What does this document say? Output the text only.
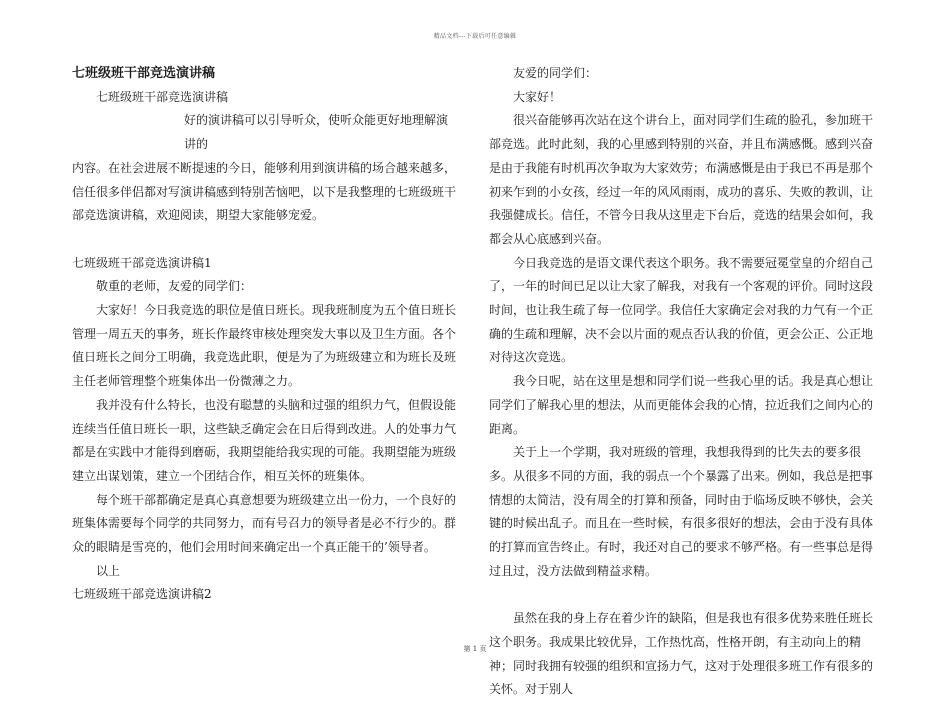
精品文档---下载后可任意编辑

七班级班干部竞选演讲稿

七班级班干部竞选演讲稿

好的演讲稿可以引导听众，使听众能更好地理解演讲的

内容。在社会进展不断提速的今日，能够利用到演讲稿的场合越来越多，信任很多伴侣都对写演讲稿感到特别苦恼吧，以下是我整理的七班级班干部竞选演讲稿，欢迎阅读，期望大家能够宠爱。

七班级班干部竞选演讲稿1

敬重的老师，友爱的同学们：

大家好！今日我竞选的职位是值日班长。现我班制度为五个值日班长管理一周五天的事务，班长作最终审核处理突发大事以及卫生方面。各个值日班长之间分工明确，我竞选此职，便是为了为班级建立和为班长及班主任老师管理整个班集体出一份微薄之力。

我并没有什么特长，也没有聪慧的头脑和过强的组织力气，但假设能连续当任值日班长一职，这些缺乏确定会在日后得到改进。人的处事力气都是在实践中才能得到磨砺，我期望能给我实现的可能。我期望能为班级建立出谋划策，建立一个团结合作，相互关怀的班集体。

每个班干部都确定是真心真意想要为班级建立出一份力，一个良好的班集体需要每个同学的共同努力，而有号召力的领导者是必不行少的。群众的眼睛是雪亮的，他们会用时间来确定出一个真正能干的’领导者。

以上

七班级班干部竞选演讲稿2

友爱的同学们：

大家好！

很兴奋能够再次站在这个讲台上，面对同学们生疏的脸孔，参加班干部竞选。此时此刻，我的心里感到特别的兴奋，并且布满感慨。感到兴奋是由于我能有时机再次争取为大家效劳；布满感慨是由于我已不再是那个初来乍到的小女孩，经过一年的风风雨雨，成功的喜乐、失败的教训，让我强健成长。信任，不管今日我从这里走下台后，竞选的结果会如何，我都会从心底感到兴奋。

今日我竞选的是语文课代表这个职务。我不需要冠冕堂皇的介绍自己了，一年的时间已足以让大家了解我，对我有一个客观的评价。同时这段时间，也让我生疏了每一位同学。我信任大家确定会对我的力气有一个正确的生疏和理解，决不会以片面的观点否认我的价值，更会公正、公正地对待这次竞选。

我今日呢，站在这里是想和同学们说一些我心里的话。我是真心想让同学们了解我心里的想法，从而更能体会我的心情，拉近我们之间内心的距离。

关于上一个学期，我对班级的管理，我想我得到的比失去的要多很多。从很多不同的方面，我的弱点一个个暴露了出来。例如，我总是把事情想的太简洁，没有周全的打算和预备，同时由于临场反映不够快，会关键的时候出乱子。而且在一些时候，有很多很好的想法，会由于没有具体的打算而宣告终止。有时，我还对自己的要求不够严格。有一些事总是得过且过，没方法做到精益求精。

虽然在我的身上存在着少许的缺陷，但是我也有很多优势来胜任班长这个职务。我成果比较优异，工作热忱高，性格开朗，有主动向上的精神；同时我拥有较强的组织和宣扬力气，这对于处理很多班工作有很多的关怀。对于别人

第 1 页
